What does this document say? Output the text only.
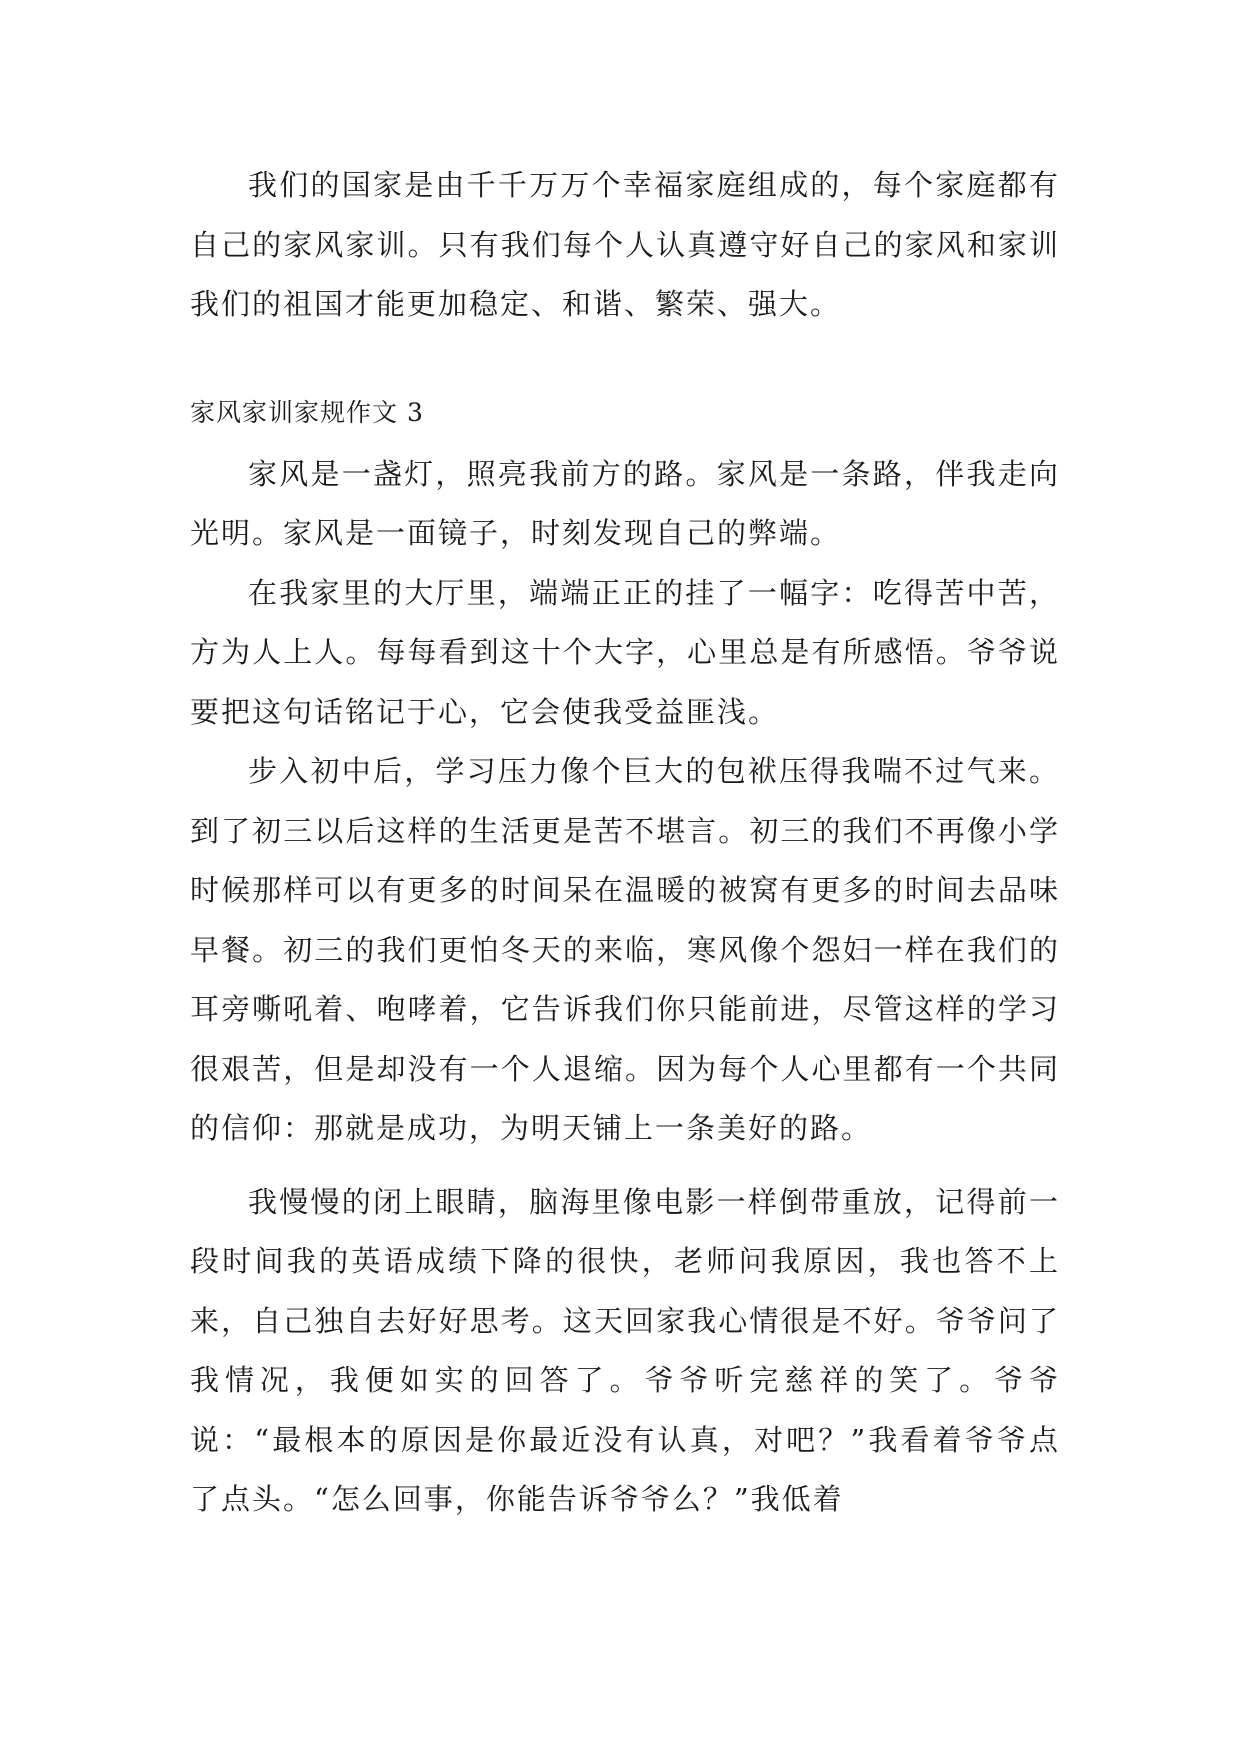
我们的国家是由千千万万个幸福家庭组成的，每个家庭都有自己的家风家训。只有我们每个人认真遵守好自己的家风和家训我们的祖国才能更加稳定、和谐、繁荣、强大。

家风家训家规作文 3

家风是一盏灯，照亮我前方的路。家风是一条路，伴我走向光明。家风是一面镜子，时刻发现自己的弊端。

在我家里的大厅里，端端正正的挂了一幅字：吃得苦中苦，方为人上人。每每看到这十个大字，心里总是有所感悟。爷爷说要把这句话铭记于心，它会使我受益匪浅。

步入初中后，学习压力像个巨大的包袱压得我喘不过气来。到了初三以后这样的生活更是苦不堪言。初三的我们不再像小学时候那样可以有更多的时间呆在温暖的被窝有更多的时间去品味早餐。初三的我们更怕冬天的来临，寒风像个怨妇一样在我们的耳旁嘶吼着、咆哮着，它告诉我们你只能前进，尽管这样的学习很艰苦，但是却没有一个人退缩。因为每个人心里都有一个共同的信仰：那就是成功，为明天铺上一条美好的路。

我慢慢的闭上眼睛，脑海里像电影一样倒带重放，记得前一段时间我的英语成绩下降的很快，老师问我原因，我也答不上来，自己独自去好好思考。这天回家我心情很是不好。爷爷问了我情况，我便如实的回答了。爷爷听完慈祥的笑了。爷爷说：“最根本的原因是你最近没有认真，对吧？”我看着爷爷点了点头。“怎么回事，你能告诉爷爷么？”我低着
